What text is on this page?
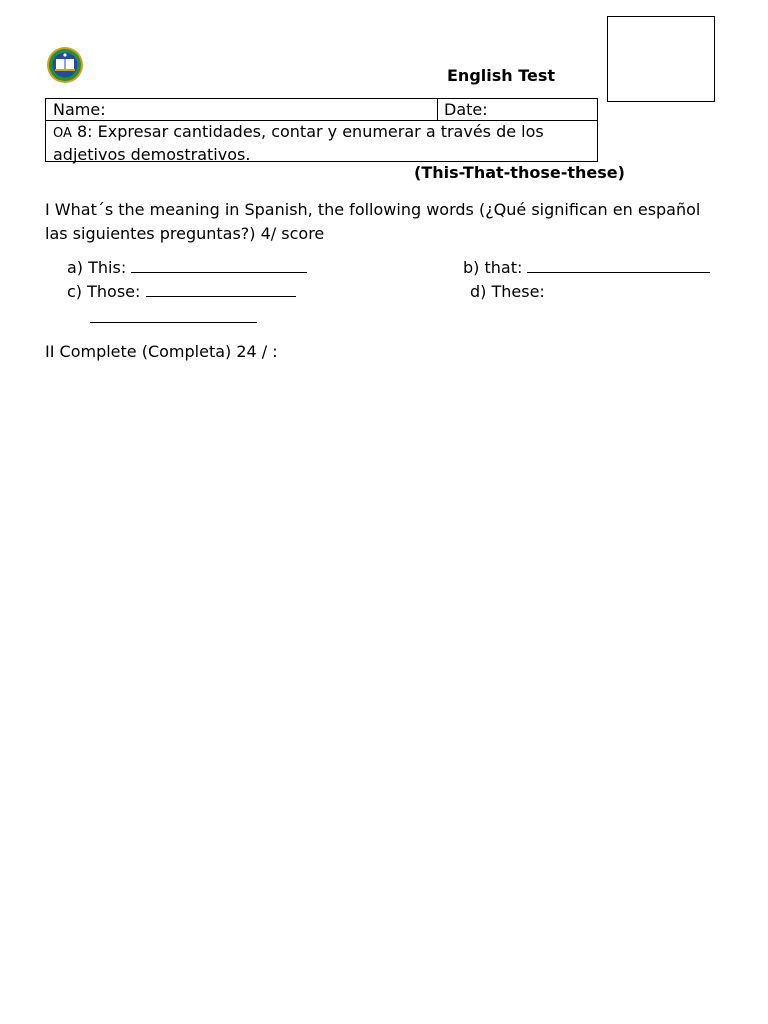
English Test
Name:	Date:
OA 8: Expresar cantidades, contar y enumerar a través de los adjetivos demostrativos.
(This-That-those-these)
I What´s the meaning in Spanish, the following words (¿Qué significan en español las siguientes preguntas?) 4/ score
a) This:	b) that:
c) Those:	d) These:
II Complete (Completa) 24 / :
